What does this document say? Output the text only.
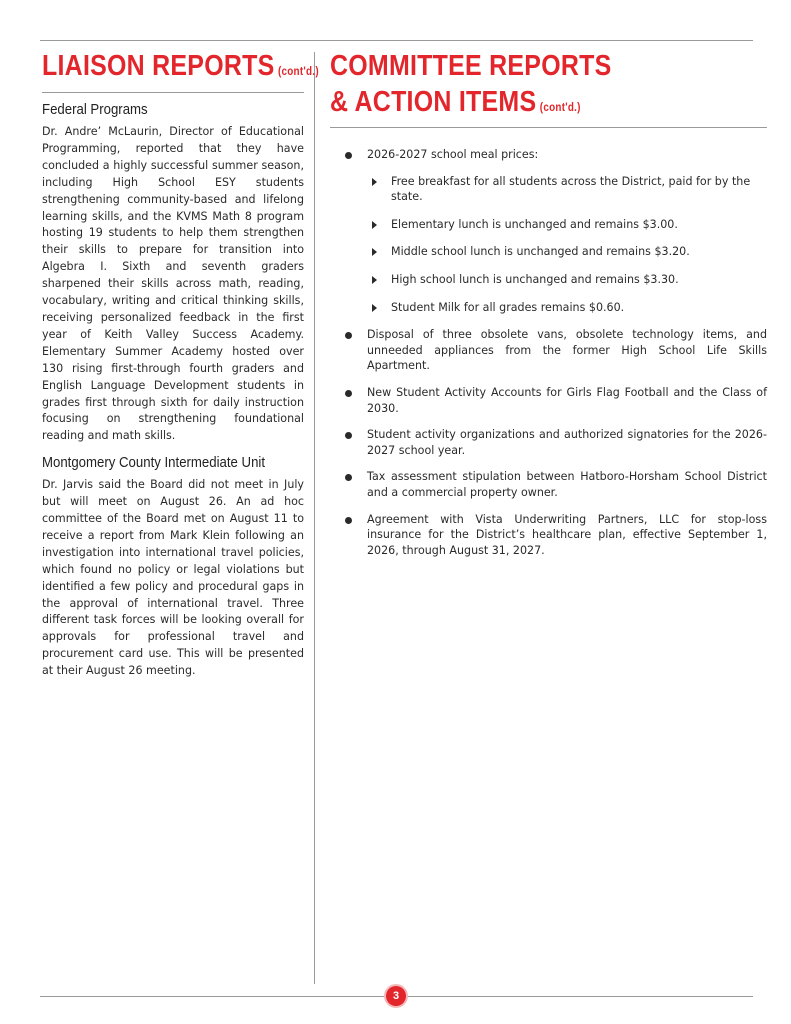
LIAISON REPORTS (cont'd.)
Federal Programs

Dr. Andre’ McLaurin, Director of Educational Programming, reported that they have concluded a highly successful summer season, including High School ESY students strengthening community-based and lifelong learning skills, and the KVMS Math 8 program hosting 19 students to help them strengthen their skills to prepare for transition into Algebra I. Sixth and seventh graders sharpened their skills across math, reading, vocabulary, writing and critical thinking skills, receiving personalized feedback in the first year of Keith Valley Success Academy. Elementary Summer Academy hosted over 130 rising first-through fourth graders and English Language Development students in grades first through sixth for daily instruction focusing on strengthening foundational reading and math skills.

Montgomery County Intermediate Unit

Dr. Jarvis said the Board did not meet in July but will meet on August 26. An ad hoc committee of the Board met on August 11 to receive a report from Mark Klein following an investigation into international travel policies, which found no policy or legal violations but identified a few policy and procedural gaps in the approval of international travel. Three different task forces will be looking overall for approvals for professional travel and procurement card use. This will be presented at their August 26 meeting.

COMMITTEE REPORTS
& ACTION ITEMS (cont'd.)
2026-2027 school meal prices:
Free breakfast for all students across the District, paid for by the state.
Elementary lunch is unchanged and remains $3.00.
Middle school lunch is unchanged and remains $3.20.
High school lunch is unchanged and remains $3.30.
Student Milk for all grades remains $0.60.
Disposal of three obsolete vans, obsolete technology items, and unneeded appliances from the former High School Life Skills Apartment.
New Student Activity Accounts for Girls Flag Football and the Class of 2030.
Student activity organizations and authorized signatories for the 2026-2027 school year.
Tax assessment stipulation between Hatboro-Horsham School District and a commercial property owner.
Agreement with Vista Underwriting Partners, LLC for stop-loss insurance for the District’s healthcare plan, effective September 1, 2026, through August 31, 2027.
3
